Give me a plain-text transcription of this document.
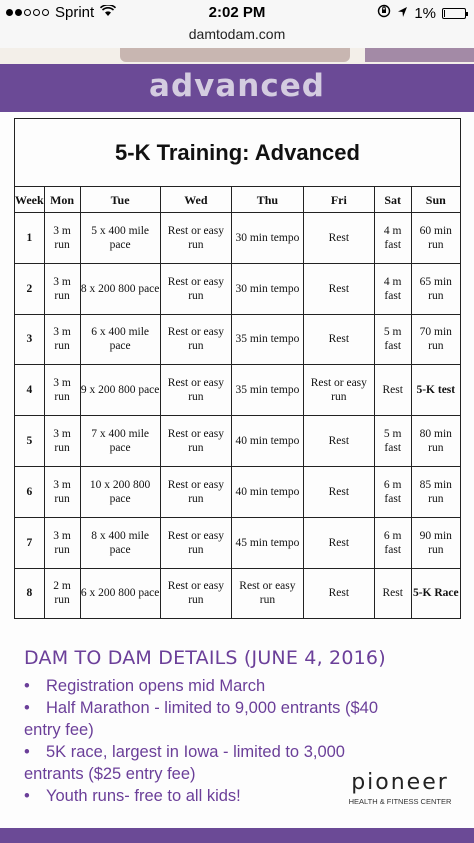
Sprint	2:02 PM	1%
damtodam.com
advanced
5-K Training: Advanced							
Week	Mon	Tue	Wed	Thu	Fri	Sat	Sun
1	3 m run	5 x 400 mile pace	Rest or easy run	30 min tempo	Rest	4 m fast	60 min run
2	3 m run	8 x 200 800 pace	Rest or easy run	30 min tempo	Rest	4 m fast	65 min run
3	3 m run	6 x 400 mile pace	Rest or easy run	35 min tempo	Rest	5 m fast	70 min run
4	3 m run	9 x 200 800 pace	Rest or easy run	35 min tempo	Rest or easy run	Rest	5-K test
5	3 m run	7 x 400 mile pace	Rest or easy run	40 min tempo	Rest	5 m fast	80 min run
6	3 m run	10 x 200 800 pace	Rest or easy run	40 min tempo	Rest	6 m fast	85 min run
7	3 m run	8 x 400 mile pace	Rest or easy run	45 min tempo	Rest	6 m fast	90 min run
8	2 m run	6 x 200 800 pace	Rest or easy run	Rest or easy run	Rest	Rest	5-K Race
DAM TO DAM DETAILS (JUNE 4, 2016)
• Registration opens mid March
• Half Marathon - limited to 9,000 entrants ($40
entry fee)
• 5K race, largest in Iowa - limited to 3,000
entrants ($25 entry fee)
• Youth runs- free to all kids!
pioneer
HEALTH & FITNESS CENTER
